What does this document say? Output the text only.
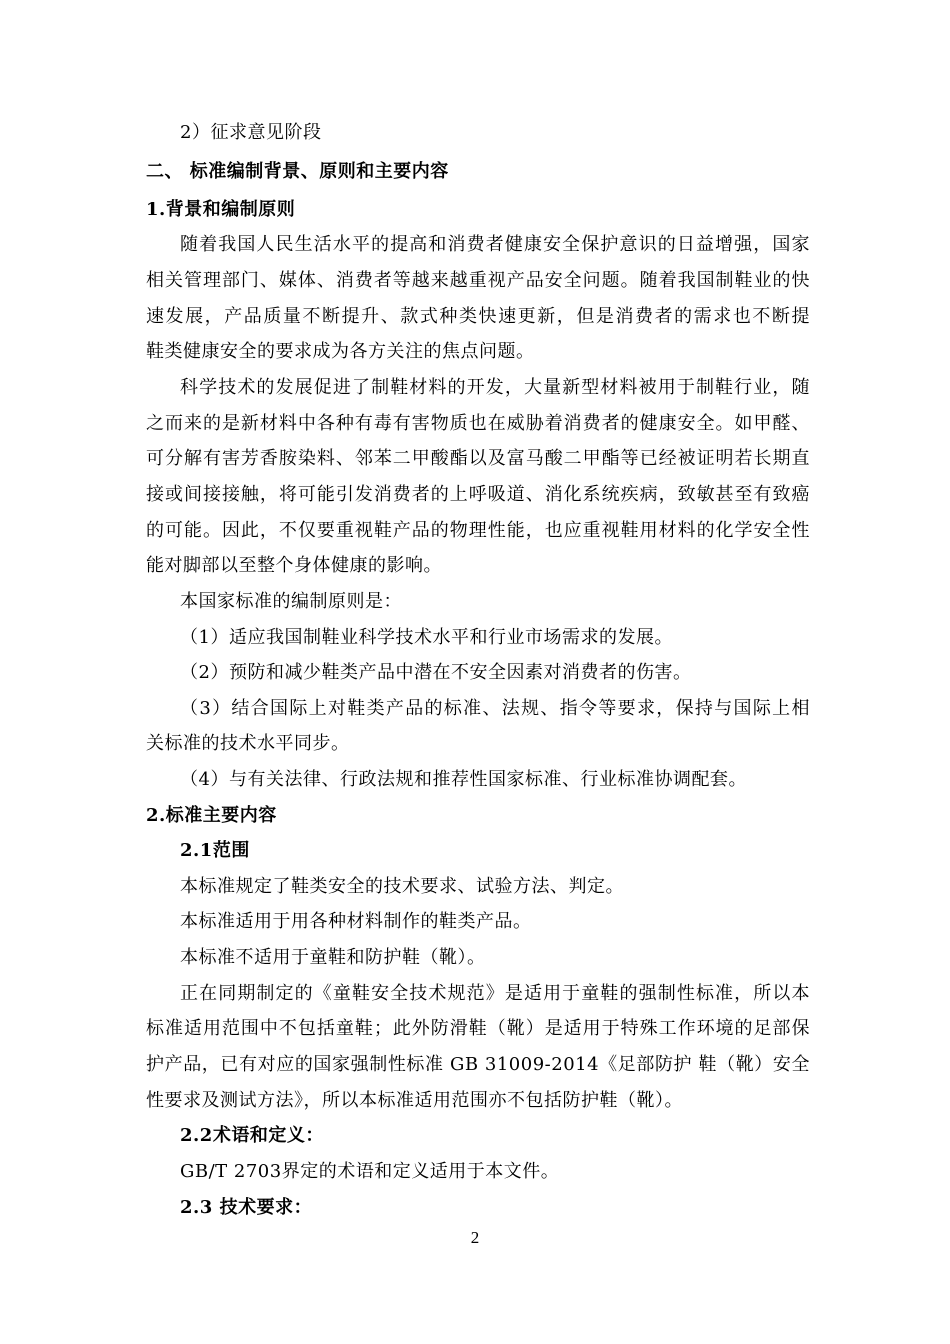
2）征求意见阶段
二、 标准编制背景、原则和主要内容
1.背景和编制原则
随着我国人民生活水平的提高和消费者健康安全保护意识的日益增强，国家
相关管理部门、媒体、消费者等越来越重视产品安全问题。随着我国制鞋业的快
速发展，产品质量不断提升、款式种类快速更新，但是消费者的需求也不断提
鞋类健康安全的要求成为各方关注的焦点问题。
科学技术的发展促进了制鞋材料的开发，大量新型材料被用于制鞋行业，随
之而来的是新材料中各种有毒有害物质也在威胁着消费者的健康安全。如甲醛、
可分解有害芳香胺染料、邻苯二甲酸酯以及富马酸二甲酯等已经被证明若长期直
接或间接接触，将可能引发消费者的上呼吸道、消化系统疾病，致敏甚至有致癌
的可能。因此，不仅要重视鞋产品的物理性能，也应重视鞋用材料的化学安全性
能对脚部以至整个身体健康的影响。
本国家标准的编制原则是：
（1）适应我国制鞋业科学技术水平和行业市场需求的发展。
（2）预防和减少鞋类产品中潜在不安全因素对消费者的伤害。
（3）结合国际上对鞋类产品的标准、法规、指令等要求，保持与国际上相
关标准的技术水平同步。
（4）与有关法律、行政法规和推荐性国家标准、行业标准协调配套。
2.标准主要内容
2.1范围
本标准规定了鞋类安全的技术要求、试验方法、判定。
本标准适用于用各种材料制作的鞋类产品。
本标准不适用于童鞋和防护鞋（靴）。
正在同期制定的《童鞋安全技术规范》是适用于童鞋的强制性标准，所以本
标准适用范围中不包括童鞋；此外防滑鞋（靴）是适用于特殊工作环境的足部保
护产品，已有对应的国家强制性标准 GB 31009-2014《足部防护 鞋（靴）安全
性要求及测试方法》，所以本标准适用范围亦不包括防护鞋（靴）。
2.2术语和定义：
GB/T 2703界定的术语和定义适用于本文件。
2.3 技术要求：
2
